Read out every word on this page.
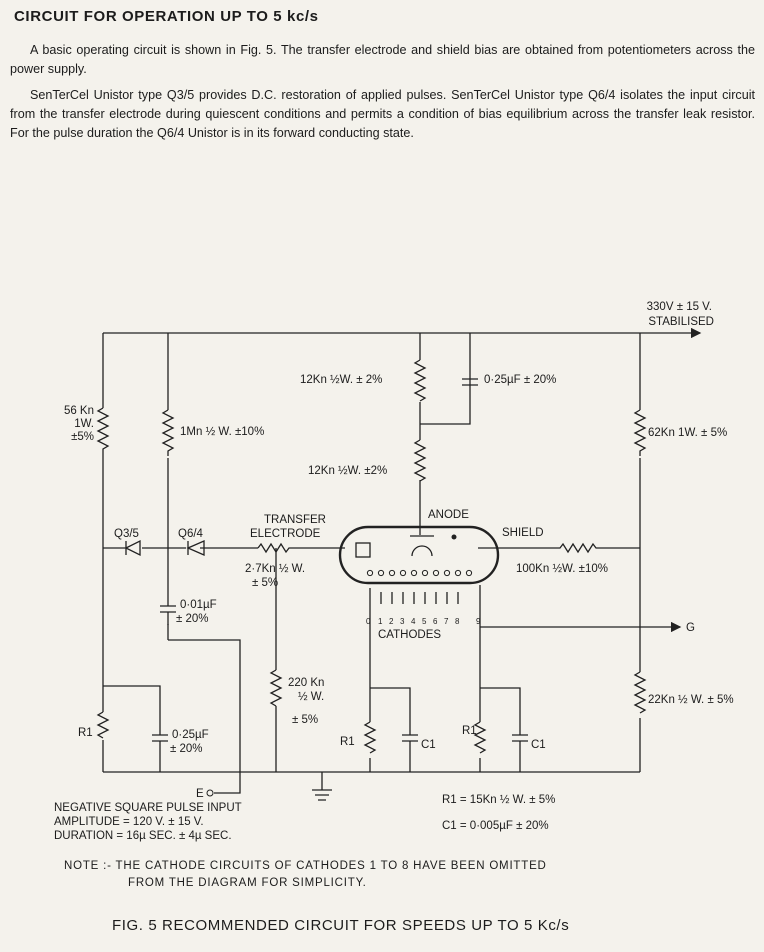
CIRCUIT FOR OPERATION UP TO 5 kc/s
A basic operating circuit is shown in Fig. 5. The transfer electrode and shield bias are obtained from potentiometers across the power supply.
SenTerCel Unistor type Q3/5 provides D.C. restoration of applied pulses. SenTerCel Unistor type Q6/4 isolates the input circuit from the transfer electrode during quiescent conditions and permits a condition of bias equilibrium across the transfer leak resistor. For the pulse duration the Q6/4 Unistor is in its forward conducting state.
330V ± 15 V.
STABILISED
56 Kn
1W.
±5%	1Mn ½ W. ±10%
12Kn ½W. ± 2%	0·25µF ± 20%
12Kn ½W. ±2%
62Kn 1W. ± 5%
TRANSFER
ELECTRODE
ANODE
SHIELD
Q3/5	Q6/4
2·7Kn ½ W.
± 5%
100Kn ½W. ±10%
0·01µF
± 20%	0 1 2 3 4 5 6 7 8 9
CATHODES
G
220 Kn
½ W.
± 5%
22Kn ½ W. ± 5%
R1
R1
R1
C1	C1
0·25µF
± 20%
E
NEGATIVE SQUARE PULSE INPUT
AMPLITUDE = 120 V. ± 15 V.
DURATION = 16µ SEC. ± 4µ SEC.
R1 = 15Kn ½ W. ± 5%
C1 = 0·005µF ± 20%
NOTE :- THE CATHODE CIRCUITS OF CATHODES 1 TO 8 HAVE BEEN OMITTED
FROM THE DIAGRAM FOR SIMPLICITY.
FIG. 5 RECOMMENDED CIRCUIT FOR SPEEDS UP TO 5 Kc/s
